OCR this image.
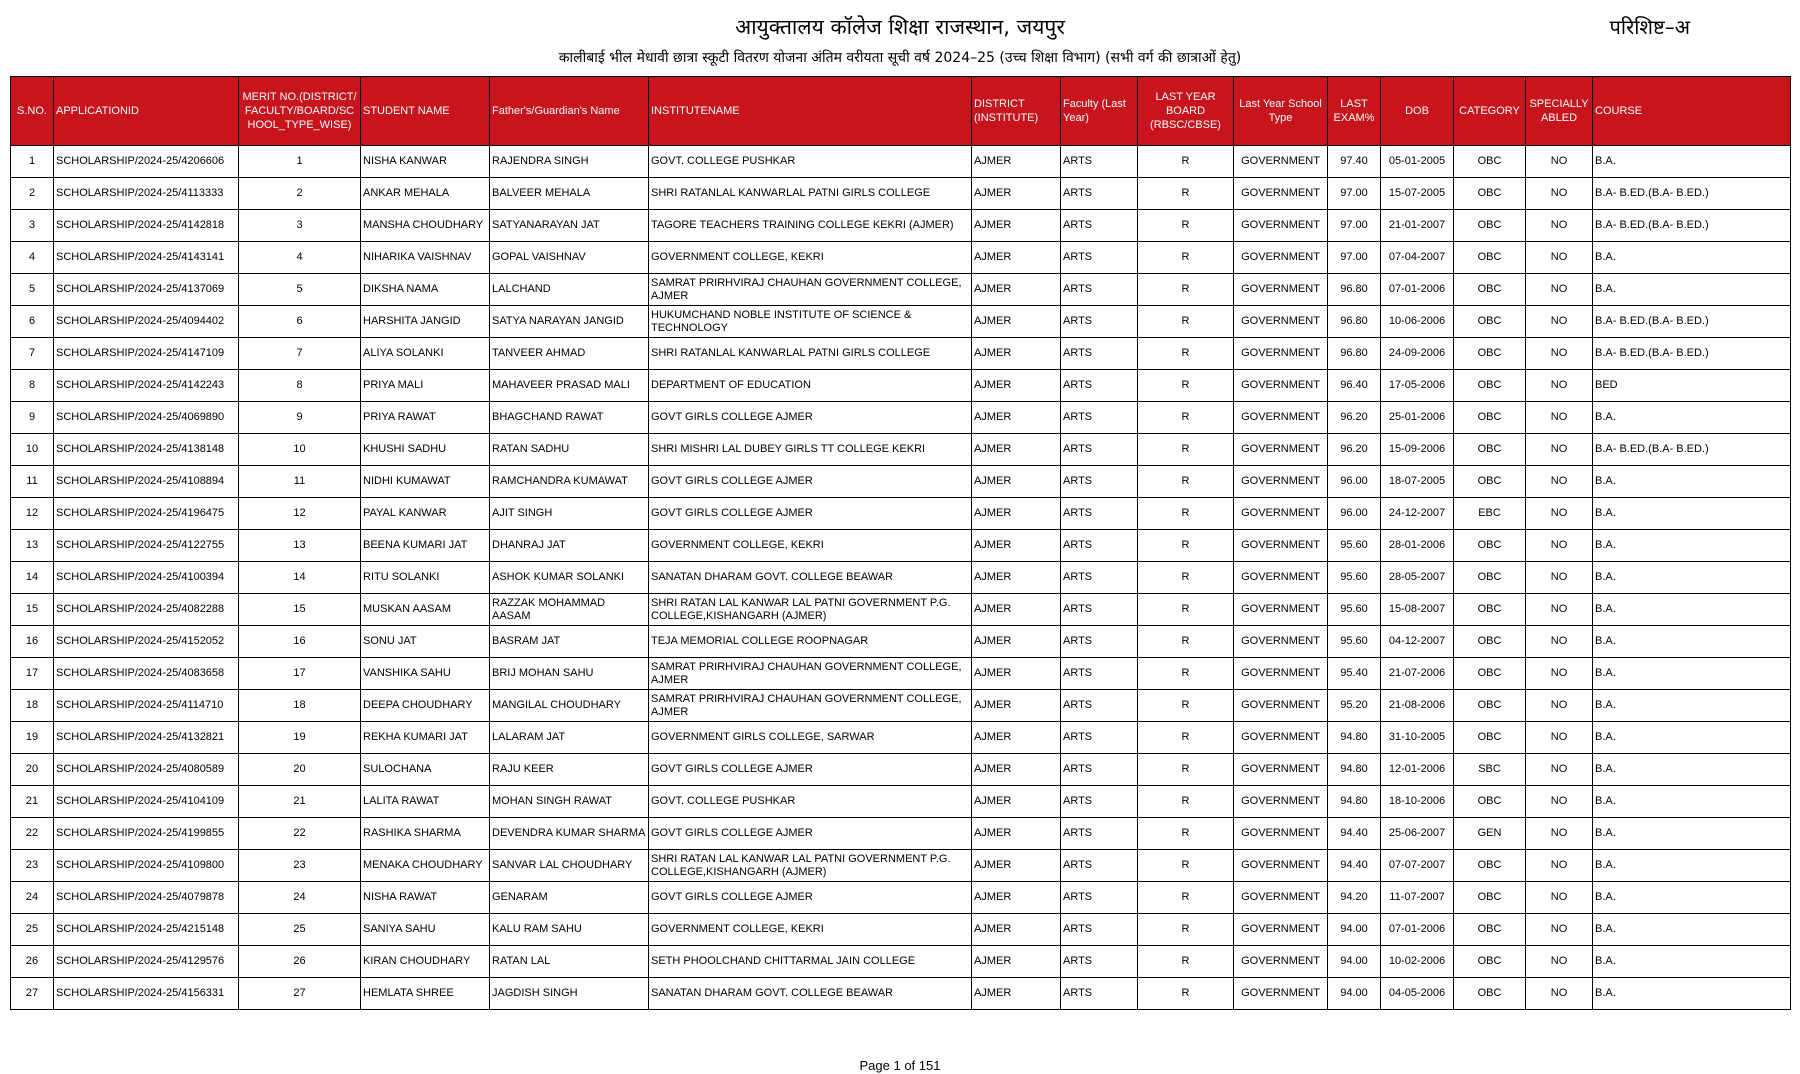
आयुक्तालय कॉलेज शिक्षा राजस्थान, जयपुर	परिशिष्ट–अ
कालीबाई भील मेधावी छात्रा स्कूटी वितरण योजना अंतिम वरीयता सूची वर्ष 2024–25 (उच्च शिक्षा विभाग) (सभी वर्ग की छात्राओं हेतु)
S.NO.	APPLICATIONID	MERIT NO.(DISTRICT/FACULTY/BOARD/SCHOOL_TYPE_WISE)	STUDENT NAME	Father's/Guardian's Name	INSTITUTENAME	DISTRICT (INSTITUTE)	Faculty (Last Year)	LAST YEAR BOARD (RBSC/CBSE)	Last Year School Type	LAST EXAM%	DOB	CATEGORY	SPECIALLY ABLED	COURSE
1	SCHOLARSHIP/2024-25/4206606	1	NISHA KANWAR	RAJENDRA SINGH	GOVT. COLLEGE PUSHKAR	AJMER	ARTS	R	GOVERNMENT	97.40	05-01-2005	OBC	NO	B.A.
2	SCHOLARSHIP/2024-25/4113333	2	ANKAR MEHALA	BALVEER MEHALA	SHRI RATANLAL KANWARLAL PATNI GIRLS COLLEGE	AJMER	ARTS	R	GOVERNMENT	97.00	15-07-2005	OBC	NO	B.A- B.ED.(B.A- B.ED.)
3	SCHOLARSHIP/2024-25/4142818	3	MANSHA CHOUDHARY	SATYANARAYAN JAT	TAGORE TEACHERS TRAINING COLLEGE KEKRI (AJMER)	AJMER	ARTS	R	GOVERNMENT	97.00	21-01-2007	OBC	NO	B.A- B.ED.(B.A- B.ED.)
4	SCHOLARSHIP/2024-25/4143141	4	NIHARIKA VAISHNAV	GOPAL VAISHNAV	GOVERNMENT COLLEGE, KEKRI	AJMER	ARTS	R	GOVERNMENT	97.00	07-04-2007	OBC	NO	B.A.
5	SCHOLARSHIP/2024-25/4137069	5	DIKSHA NAMA	LALCHAND	SAMRAT PRIRHVIRAJ CHAUHAN GOVERNMENT COLLEGE, AJMER	AJMER	ARTS	R	GOVERNMENT	96.80	07-01-2006	OBC	NO	B.A.
6	SCHOLARSHIP/2024-25/4094402	6	HARSHITA JANGID	SATYA NARAYAN JANGID	HUKUMCHAND NOBLE INSTITUTE OF SCIENCE & TECHNOLOGY	AJMER	ARTS	R	GOVERNMENT	96.80	10-06-2006	OBC	NO	B.A- B.ED.(B.A- B.ED.)
7	SCHOLARSHIP/2024-25/4147109	7	ALIYA SOLANKI	TANVEER AHMAD	SHRI RATANLAL KANWARLAL PATNI GIRLS COLLEGE	AJMER	ARTS	R	GOVERNMENT	96.80	24-09-2006	OBC	NO	B.A- B.ED.(B.A- B.ED.)
8	SCHOLARSHIP/2024-25/4142243	8	PRIYA MALI	MAHAVEER PRASAD MALI	DEPARTMENT OF EDUCATION	AJMER	ARTS	R	GOVERNMENT	96.40	17-05-2006	OBC	NO	BED
9	SCHOLARSHIP/2024-25/4069890	9	PRIYA RAWAT	BHAGCHAND RAWAT	GOVT GIRLS COLLEGE AJMER	AJMER	ARTS	R	GOVERNMENT	96.20	25-01-2006	OBC	NO	B.A.
10	SCHOLARSHIP/2024-25/4138148	10	KHUSHI SADHU	RATAN SADHU	SHRI MISHRI LAL DUBEY GIRLS TT COLLEGE KEKRI	AJMER	ARTS	R	GOVERNMENT	96.20	15-09-2006	OBC	NO	B.A- B.ED.(B.A- B.ED.)
11	SCHOLARSHIP/2024-25/4108894	11	NIDHI KUMAWAT	RAMCHANDRA KUMAWAT	GOVT GIRLS COLLEGE AJMER	AJMER	ARTS	R	GOVERNMENT	96.00	18-07-2005	OBC	NO	B.A.
12	SCHOLARSHIP/2024-25/4196475	12	PAYAL KANWAR	AJIT SINGH	GOVT GIRLS COLLEGE AJMER	AJMER	ARTS	R	GOVERNMENT	96.00	24-12-2007	EBC	NO	B.A.
13	SCHOLARSHIP/2024-25/4122755	13	BEENA KUMARI JAT	DHANRAJ JAT	GOVERNMENT COLLEGE, KEKRI	AJMER	ARTS	R	GOVERNMENT	95.60	28-01-2006	OBC	NO	B.A.
14	SCHOLARSHIP/2024-25/4100394	14	RITU SOLANKI	ASHOK KUMAR SOLANKI	SANATAN DHARAM GOVT. COLLEGE BEAWAR	AJMER	ARTS	R	GOVERNMENT	95.60	28-05-2007	OBC	NO	B.A.
15	SCHOLARSHIP/2024-25/4082288	15	MUSKAN AASAM	RAZZAK MOHAMMAD AASAM	SHRI RATAN LAL KANWAR LAL PATNI GOVERNMENT P.G. COLLEGE,KISHANGARH (AJMER)	AJMER	ARTS	R	GOVERNMENT	95.60	15-08-2007	OBC	NO	B.A.
16	SCHOLARSHIP/2024-25/4152052	16	SONU JAT	BASRAM JAT	TEJA MEMORIAL COLLEGE ROOPNAGAR	AJMER	ARTS	R	GOVERNMENT	95.60	04-12-2007	OBC	NO	B.A.
17	SCHOLARSHIP/2024-25/4083658	17	VANSHIKA SAHU	BRIJ MOHAN SAHU	SAMRAT PRIRHVIRAJ CHAUHAN GOVERNMENT COLLEGE, AJMER	AJMER	ARTS	R	GOVERNMENT	95.40	21-07-2006	OBC	NO	B.A.
18	SCHOLARSHIP/2024-25/4114710	18	DEEPA CHOUDHARY	MANGILAL CHOUDHARY	SAMRAT PRIRHVIRAJ CHAUHAN GOVERNMENT COLLEGE, AJMER	AJMER	ARTS	R	GOVERNMENT	95.20	21-08-2006	OBC	NO	B.A.
19	SCHOLARSHIP/2024-25/4132821	19	REKHA KUMARI JAT	LALARAM JAT	GOVERNMENT GIRLS COLLEGE, SARWAR	AJMER	ARTS	R	GOVERNMENT	94.80	31-10-2005	OBC	NO	B.A.
20	SCHOLARSHIP/2024-25/4080589	20	SULOCHANA	RAJU KEER	GOVT GIRLS COLLEGE AJMER	AJMER	ARTS	R	GOVERNMENT	94.80	12-01-2006	SBC	NO	B.A.
21	SCHOLARSHIP/2024-25/4104109	21	LALITA RAWAT	MOHAN SINGH RAWAT	GOVT. COLLEGE PUSHKAR	AJMER	ARTS	R	GOVERNMENT	94.80	18-10-2006	OBC	NO	B.A.
22	SCHOLARSHIP/2024-25/4199855	22	RASHIKA SHARMA	DEVENDRA KUMAR SHARMA	GOVT GIRLS COLLEGE AJMER	AJMER	ARTS	R	GOVERNMENT	94.40	25-06-2007	GEN	NO	B.A.
23	SCHOLARSHIP/2024-25/4109800	23	MENAKA CHOUDHARY	SANVAR LAL CHOUDHARY	SHRI RATAN LAL KANWAR LAL PATNI GOVERNMENT P.G. COLLEGE,KISHANGARH (AJMER)	AJMER	ARTS	R	GOVERNMENT	94.40	07-07-2007	OBC	NO	B.A.
24	SCHOLARSHIP/2024-25/4079878	24	NISHA RAWAT	GENARAM	GOVT GIRLS COLLEGE AJMER	AJMER	ARTS	R	GOVERNMENT	94.20	11-07-2007	OBC	NO	B.A.
25	SCHOLARSHIP/2024-25/4215148	25	SANIYA SAHU	KALU RAM SAHU	GOVERNMENT COLLEGE, KEKRI	AJMER	ARTS	R	GOVERNMENT	94.00	07-01-2006	OBC	NO	B.A.
26	SCHOLARSHIP/2024-25/4129576	26	KIRAN CHOUDHARY	RATAN LAL	SETH PHOOLCHAND CHITTARMAL JAIN COLLEGE	AJMER	ARTS	R	GOVERNMENT	94.00	10-02-2006	OBC	NO	B.A.
27	SCHOLARSHIP/2024-25/4156331	27	HEMLATA SHREE	JAGDISH SINGH	SANATAN DHARAM GOVT. COLLEGE BEAWAR	AJMER	ARTS	R	GOVERNMENT	94.00	04-05-2006	OBC	NO	B.A.
Page 1 of 151
